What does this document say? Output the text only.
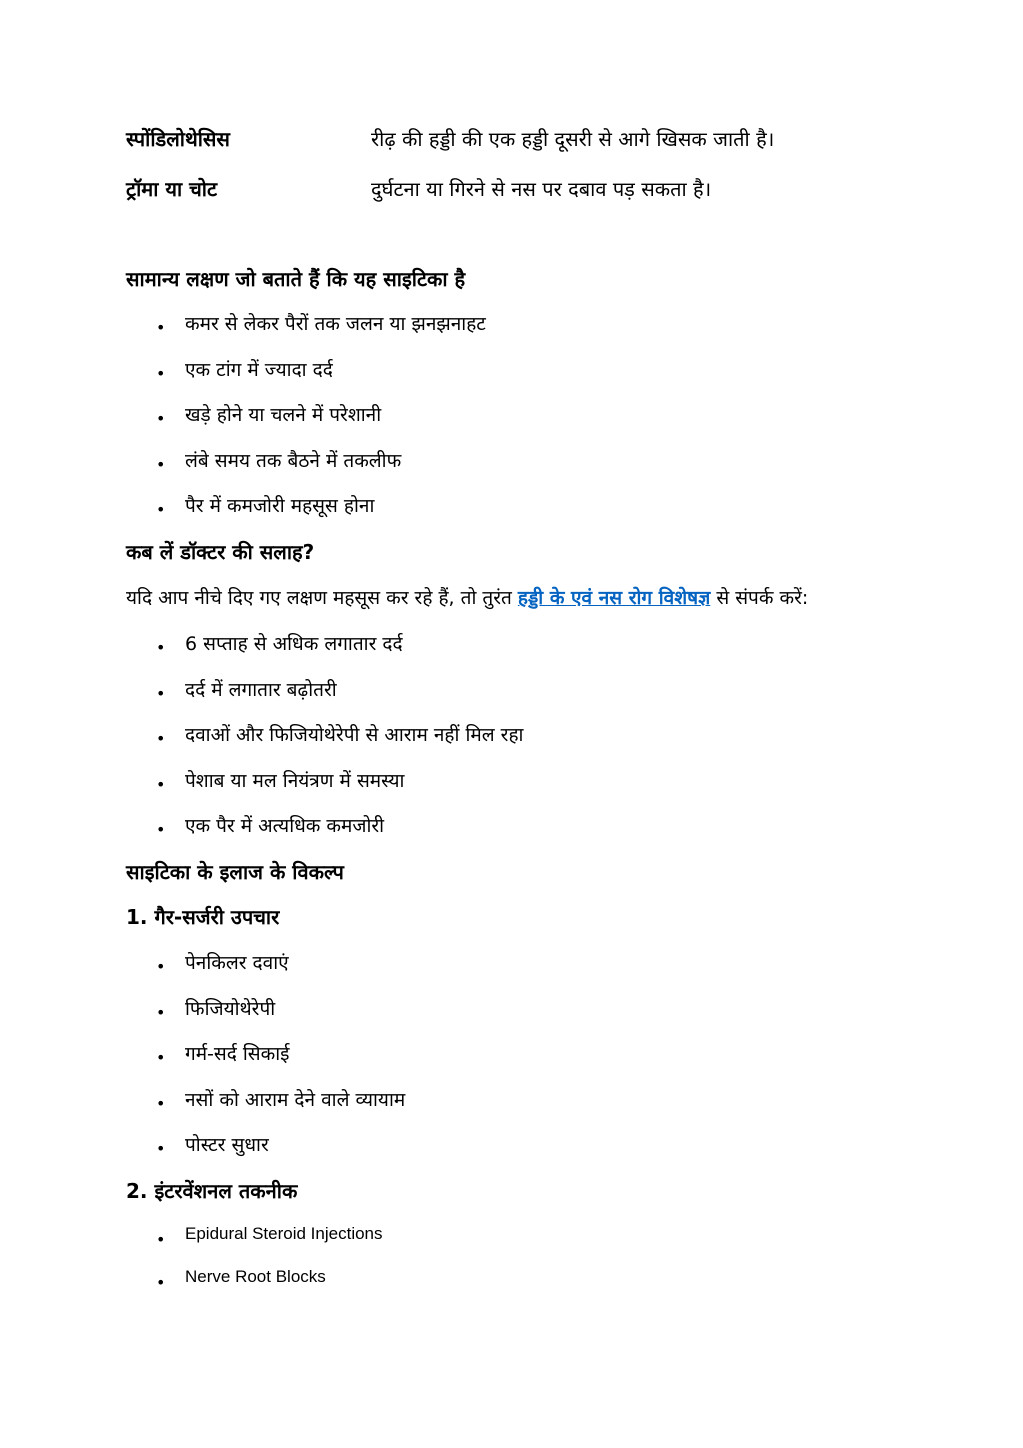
स्पोंडिलोथेसिस	रीढ़ की हड्डी की एक हड्डी दूसरी से आगे खिसक जाती है।
ट्रॉमा या चोट	दुर्घटना या गिरने से नस पर दबाव पड़ सकता है।
सामान्य लक्षण जो बताते हैं कि यह साइटिका है
• कमर से लेकर पैरों तक जलन या झनझनाहट
• एक टांग में ज्यादा दर्द
• खड़े होने या चलने में परेशानी
• लंबे समय तक बैठने में तकलीफ
• पैर में कमजोरी महसूस होना
कब लें डॉक्टर की सलाह?
यदि आप नीचे दिए गए लक्षण महसूस कर रहे हैं, तो तुरंत हड्डी के एवं नस रोग विशेषज्ञ से संपर्क करें:
• 6 सप्ताह से अधिक लगातार दर्द
• दर्द में लगातार बढ़ोतरी
• दवाओं और फिजियोथेरेपी से आराम नहीं मिल रहा
• पेशाब या मल नियंत्रण में समस्या
• एक पैर में अत्यधिक कमजोरी
साइटिका के इलाज के विकल्प
1. गैर-सर्जरी उपचार
• पेनकिलर दवाएं
• फिजियोथेरेपी
• गर्म-सर्द सिकाई
• नसों को आराम देने वाले व्यायाम
• पोस्टर सुधार
2. इंटरवेंशनल तकनीक
• Epidural Steroid Injections
• Nerve Root Blocks
